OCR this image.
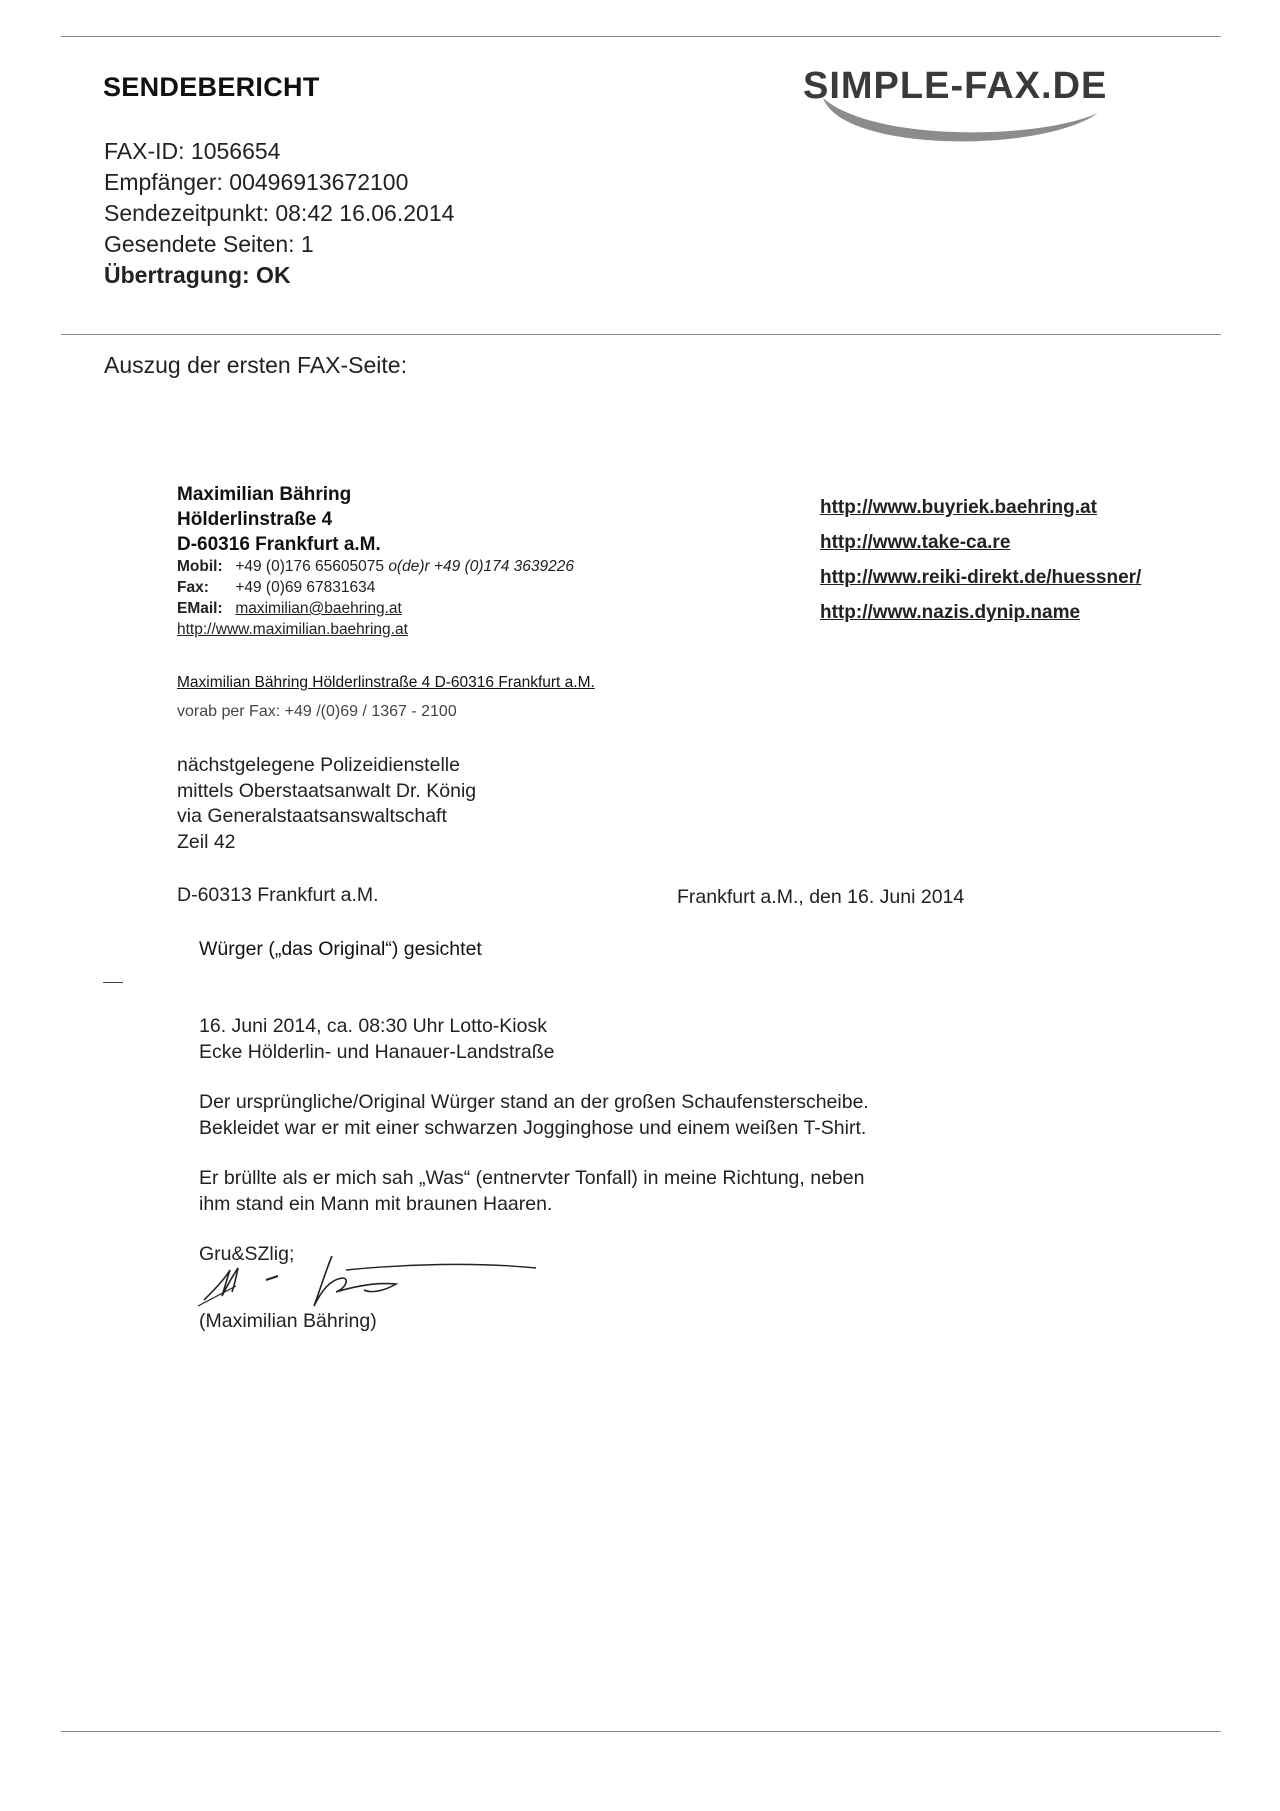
SENDEBERICHT	SIMPLE-FAX.DE
FAX-ID: 1056654
Empfänger: 00496913672100
Sendezeitpunkt: 08:42 16.06.2014
Gesendete Seiten: 1
Übertragung: OK
Auszug der ersten FAX-Seite:
Maximilian Bähring
Hölderlinstraße 4
D-60316 Frankfurt a.M.
Mobil: +49 (0)176 65605075 o(de)r +49 (0)174 3639226
Fax: +49 (0)69 67831634
EMail: maximilian@baehring.at
http://www.maximilian.baehring.at
http://www.buyriek.baehring.at
http://www.take-ca.re
http://www.reiki-direkt.de/huessner/
http://www.nazis.dynip.name
Maximilian Bähring Hölderlinstraße 4 D-60316 Frankfurt a.M.
vorab per Fax: +49 /(0)69 / 1367 - 2100
nächstgelegene Polizeidienstelle
mittels Oberstaatsanwalt Dr. König
via Generalstaatsanswaltschaft
Zeil 42
D-60313 Frankfurt a.M.	Frankfurt a.M., den 16. Juni 2014
Würger („das Original“) gesichtet

16. Juni 2014, ca. 08:30 Uhr Lotto-Kiosk
Ecke Hölderlin- und Hanauer-Landstraße

Der ursprüngliche/Original Würger stand an der großen Schaufensterscheibe.
Bekleidet war er mit einer schwarzen Jogginghose und einem weißen T-Shirt.

Er brüllte als er mich sah „Was“ (entnervter Tonfall) in meine Richtung, neben
ihm stand ein Mann mit braunen Haaren.

Gru&SZlig;

(Maximilian Bähring)
